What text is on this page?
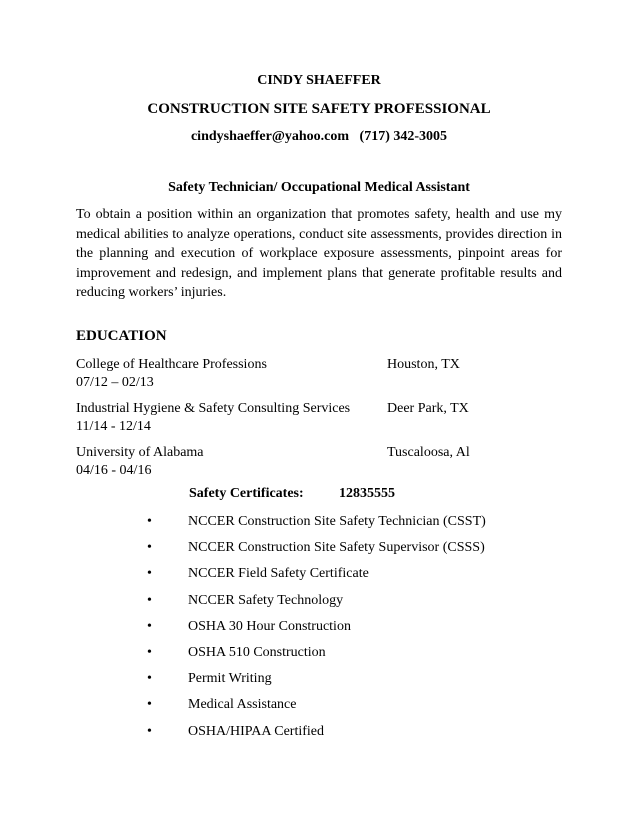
CINDY SHAEFFER
CONSTRUCTION SITE SAFETY PROFESSIONAL
cindyshaeffer@yahoo.com (717) 342-3005
Safety Technician/ Occupational Medical Assistant
To obtain a position within an organization that promotes safety, health and use my medical abilities to analyze operations, conduct site assessments, provides direction in the planning and execution of workplace exposure assessments, pinpoint areas for improvement and redesign, and implement plans that generate profitable results and reducing workers’ injuries.
EDUCATION
College of Healthcare Professions	Houston, TX
07/12 – 02/13
Industrial Hygiene & Safety Consulting Services	Deer Park, TX
11/14 - 12/14
University of Alabama	Tuscaloosa, Al
04/16 - 04/16
Safety Certificates:	12835555
•	NCCER Construction Site Safety Technician (CSST)
•	NCCER Construction Site Safety Supervisor (CSSS)
•	NCCER Field Safety Certificate
•	NCCER Safety Technology
•	OSHA 30 Hour Construction
•	OSHA 510 Construction
•	Permit Writing
•	Medical Assistance
•	OSHA/HIPAA Certified
